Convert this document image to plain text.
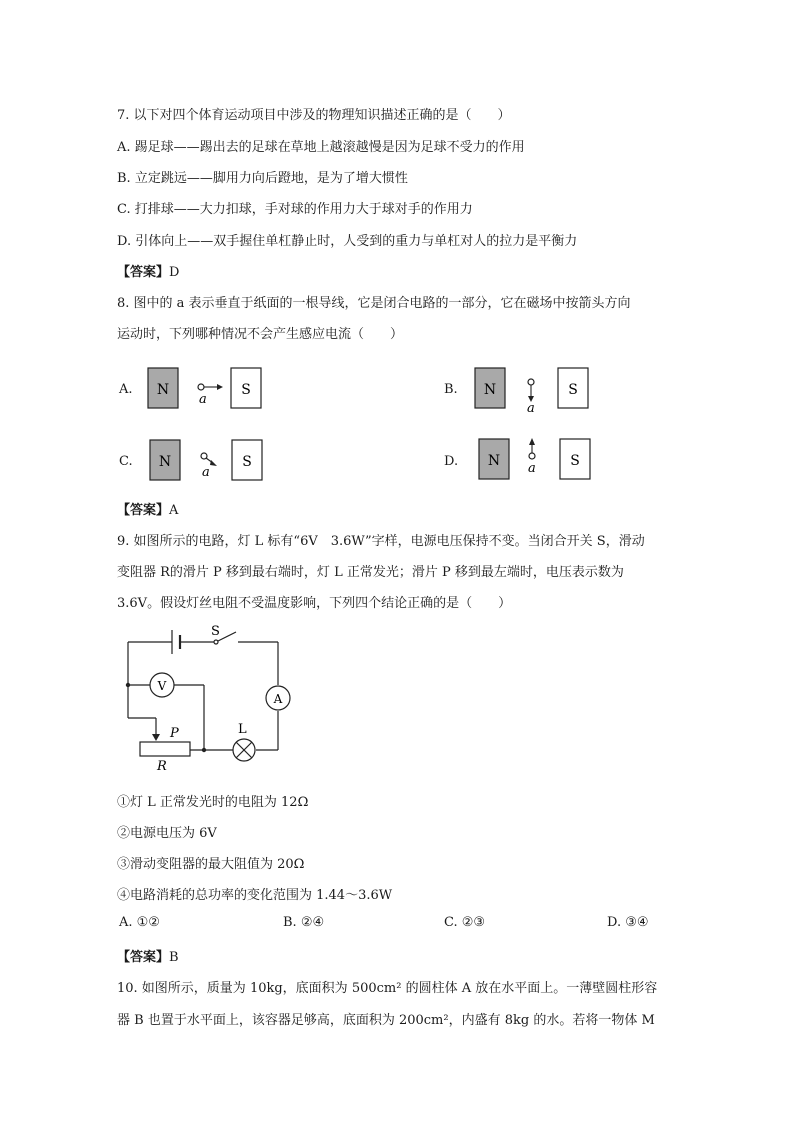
7. 以下对四个体育运动项目中涉及的物理知识描述正确的是（　　）
A. 踢足球——踢出去的足球在草地上越滚越慢是因为足球不受力的作用
B. 立定跳远——脚用力向后蹬地，是为了增大惯性
C. 打排球——大力扣球，手对球的作用力大于球对手的作用力
D. 引体向上——双手握住单杠静止时，人受到的重力与单杠对人的拉力是平衡力
【答案】D
8. 图中的 a 表示垂直于纸面的一根导线，它是闭合电路的一部分，它在磁场中按箭头方向
运动时，下列哪种情况不会产生感应电流（　　）
A. N
a
S	B. N
a
S
C. N
a
S	D. N a S
【答案】A
9. 如图所示的电路，灯 L 标有“6V　3.6W”字样，电源电压保持不变。当闭合开关 S，滑动
变阻器 R的滑片 P 移到最右端时，灯 L 正常发光；滑片 P 移到最左端时，电压表示数为
3.6V。假设灯丝电阻不受温度影响，下列四个结论正确的是（　　）
S
V
A
L
P
R
①灯 L 正常发光时的电阻为 12Ω
②电源电压为 6V
③滑动变阻器的最大阻值为 20Ω
④电路消耗的总功率的变化范围为 1.44～3.6W
A. ①②	B. ②④	C. ②③	D. ③④
【答案】B
10. 如图所示，质量为 10kg，底面积为 500cm² 的圆柱体 A 放在水平面上。一薄壁圆柱形容
器 B 也置于水平面上，该容器足够高，底面积为 200cm²，内盛有 8kg 的水。若将一物体 M
